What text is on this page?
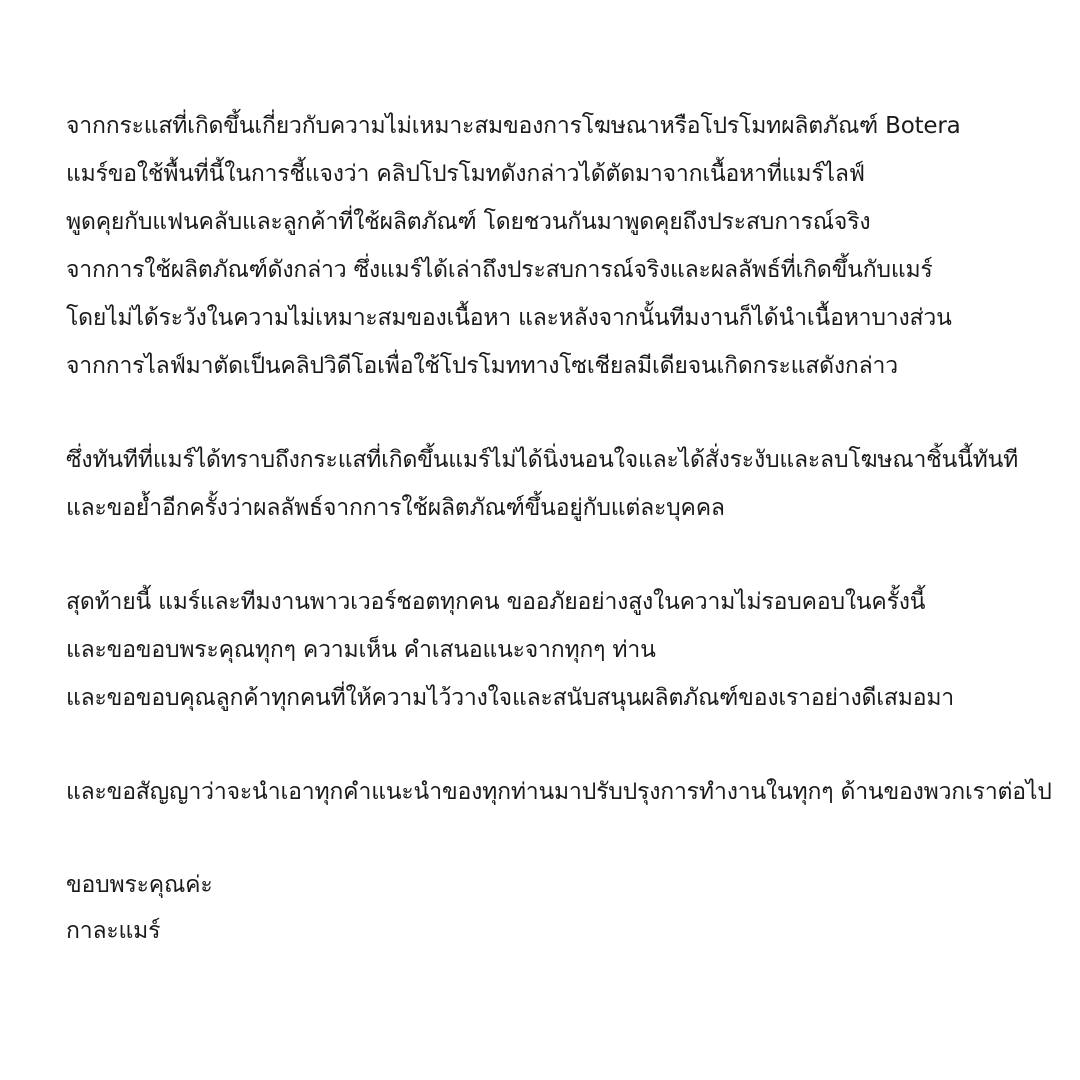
จากกระแสที่เกิดขึ้นเกี่ยวกับความไม่เหมาะสมของการโฆษณาหรือโปรโมทผลิตภัณฑ์ Botera
แมร์ขอใช้พื้นที่นี้ในการชี้แจงว่า คลิปโปรโมทดังกล่าวได้ตัดมาจากเนื้อหาที่แมร์ไลฟ์
พูดคุยกับแฟนคลับและลูกค้าที่ใช้ผลิตภัณฑ์ โดยชวนกันมาพูดคุยถึงประสบการณ์จริง
จากการใช้ผลิตภัณฑ์ดังกล่าว ซึ่งแมร์ได้เล่าถึงประสบการณ์จริงและผลลัพธ์ที่เกิดขึ้นกับแมร์
โดยไม่ได้ระวังในความไม่เหมาะสมของเนื้อหา และหลังจากนั้นทีมงานก็ได้นำเนื้อหาบางส่วน
จากการไลฟ์มาตัดเป็นคลิปวิดีโอเพื่อใช้โปรโมททางโซเชียลมีเดียจนเกิดกระแสดังกล่าว
ซึ่งทันทีที่แมร์ได้ทราบถึงกระแสที่เกิดขึ้นแมร์ไม่ได้นิ่งนอนใจและได้สั่งระงับและลบโฆษณาชิ้นนี้ทันที
และขอย้ำอีกครั้งว่าผลลัพธ์จากการใช้ผลิตภัณฑ์ขึ้นอยู่กับแต่ละบุคคล
สุดท้ายนี้ แมร์และทีมงานพาวเวอร์ชอตทุกคน ขออภัยอย่างสูงในความไม่รอบคอบในครั้งนี้
และขอขอบพระคุณทุกๆ ความเห็น คำเสนอแนะจากทุกๆ ท่าน
และขอขอบคุณลูกค้าทุกคนที่ให้ความไว้วางใจและสนับสนุนผลิตภัณฑ์ของเราอย่างดีเสมอมา
และขอสัญญาว่าจะนำเอาทุกคำแนะนำของทุกท่านมาปรับปรุงการทำงานในทุกๆ ด้านของพวกเราต่อไป
ขอบพระคุณค่ะ
กาละแมร์
